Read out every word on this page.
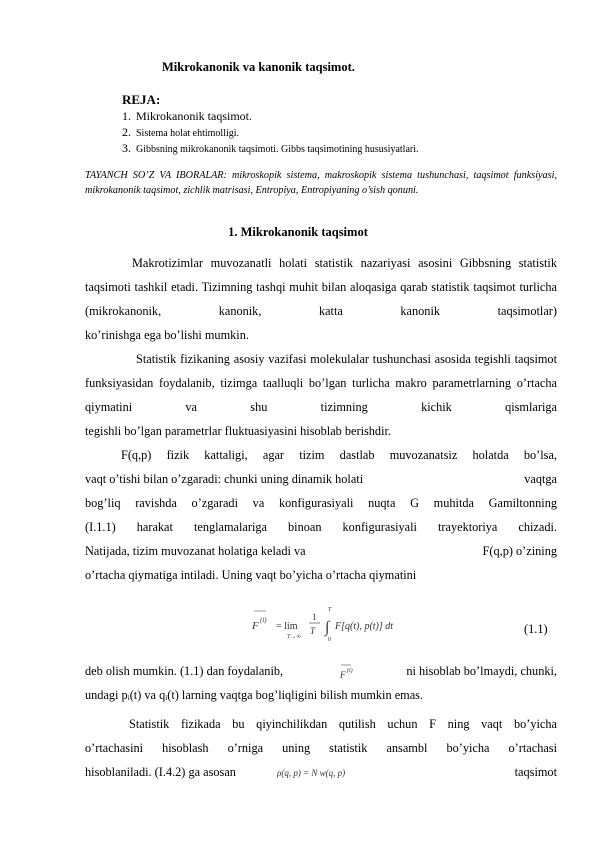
Mikrokanonik va kanonik taqsimot.
REJA:
1. Mikrokanonik taqsimot.
2. Sistema holat ehtimolligi.
3. Gibbsning mikrokanonik taqsimoti. Gibbs taqsimotining hususiyatlari.
TAYANCH SO’Z VA IBORALAR: mikroskopik sistema, makroskopik sistema tushunchasi, taqsimot funksiyasi, mikrokanonik taqsimot, zichlik matrisasi, Entropiya, Entropiyaning o’sish qonuni.
1. Mikrokanonik taqsimot
Makrotizimlar muvozanatli holati statistik nazariyasi asosini Gibbsning statistik taqsimoti tashkil etadi. Tizimning tashqi muhit bilan aloqasiga qarab statistik taqsimot turlicha (mikrokanonik, kanonik, katta kanonik taqsimotlar)
ko’rinishga ega bo’lishi mumkin.
Statistik fizikaning asosiy vazifasi molekulalar tushunchasi asosida tegishli taqsimot funksiyasidan foydalanib, tizimga taalluqli bo’lgan turlicha makro parametrlarning o’rtacha qiymatini va shu tizimning kichik qismlariga
tegishli bo’lgan parametrlar fluktuasiyasini hisoblab berishdir.
F(q,p) fizik kattaligi, agar tizim dastlab muvozanatsiz holatda bo’lsa,
vaqt o’tishi bilan o’zgaradi: chunki uning dinamik holati	vaqtga
bog’liq ravishda o’zgaradi va konfigurasiyali nuqta G muhitda Gamiltonning
(I.1.1) harakat tenglamalariga binoan konfigurasiyali trayektoriya chizadi.
Natijada, tizim muvozanat holatiga keladi va	F(q,p) o’zining
o’rtacha qiymatiga intiladi. Uning vaqt bo’yicha o’rtacha qiymatini
F (t)
= lim
T→∞
1
T
T
∫
0
F[q(t), p(t)] dt	(1.1)
deb olish mumkin. (1.1) dan foydalanib,	F (t)	ni hisoblab bo’lmaydi, chunki,
undagi pᵢ(t) va qᵢ(t) larning vaqtga bog’liqligini bilish mumkin emas.
Statistik fizikada bu qiyinchilikdan qutilish uchun F ning vaqt bo’yicha
o’rtachasini hisoblash o’rniga uning statistik ansambl bo’yicha o’rtachasi
hisoblaniladi. (I.4.2) ga asosan	ρ(q, p) = N w(q, p)	taqsimot
